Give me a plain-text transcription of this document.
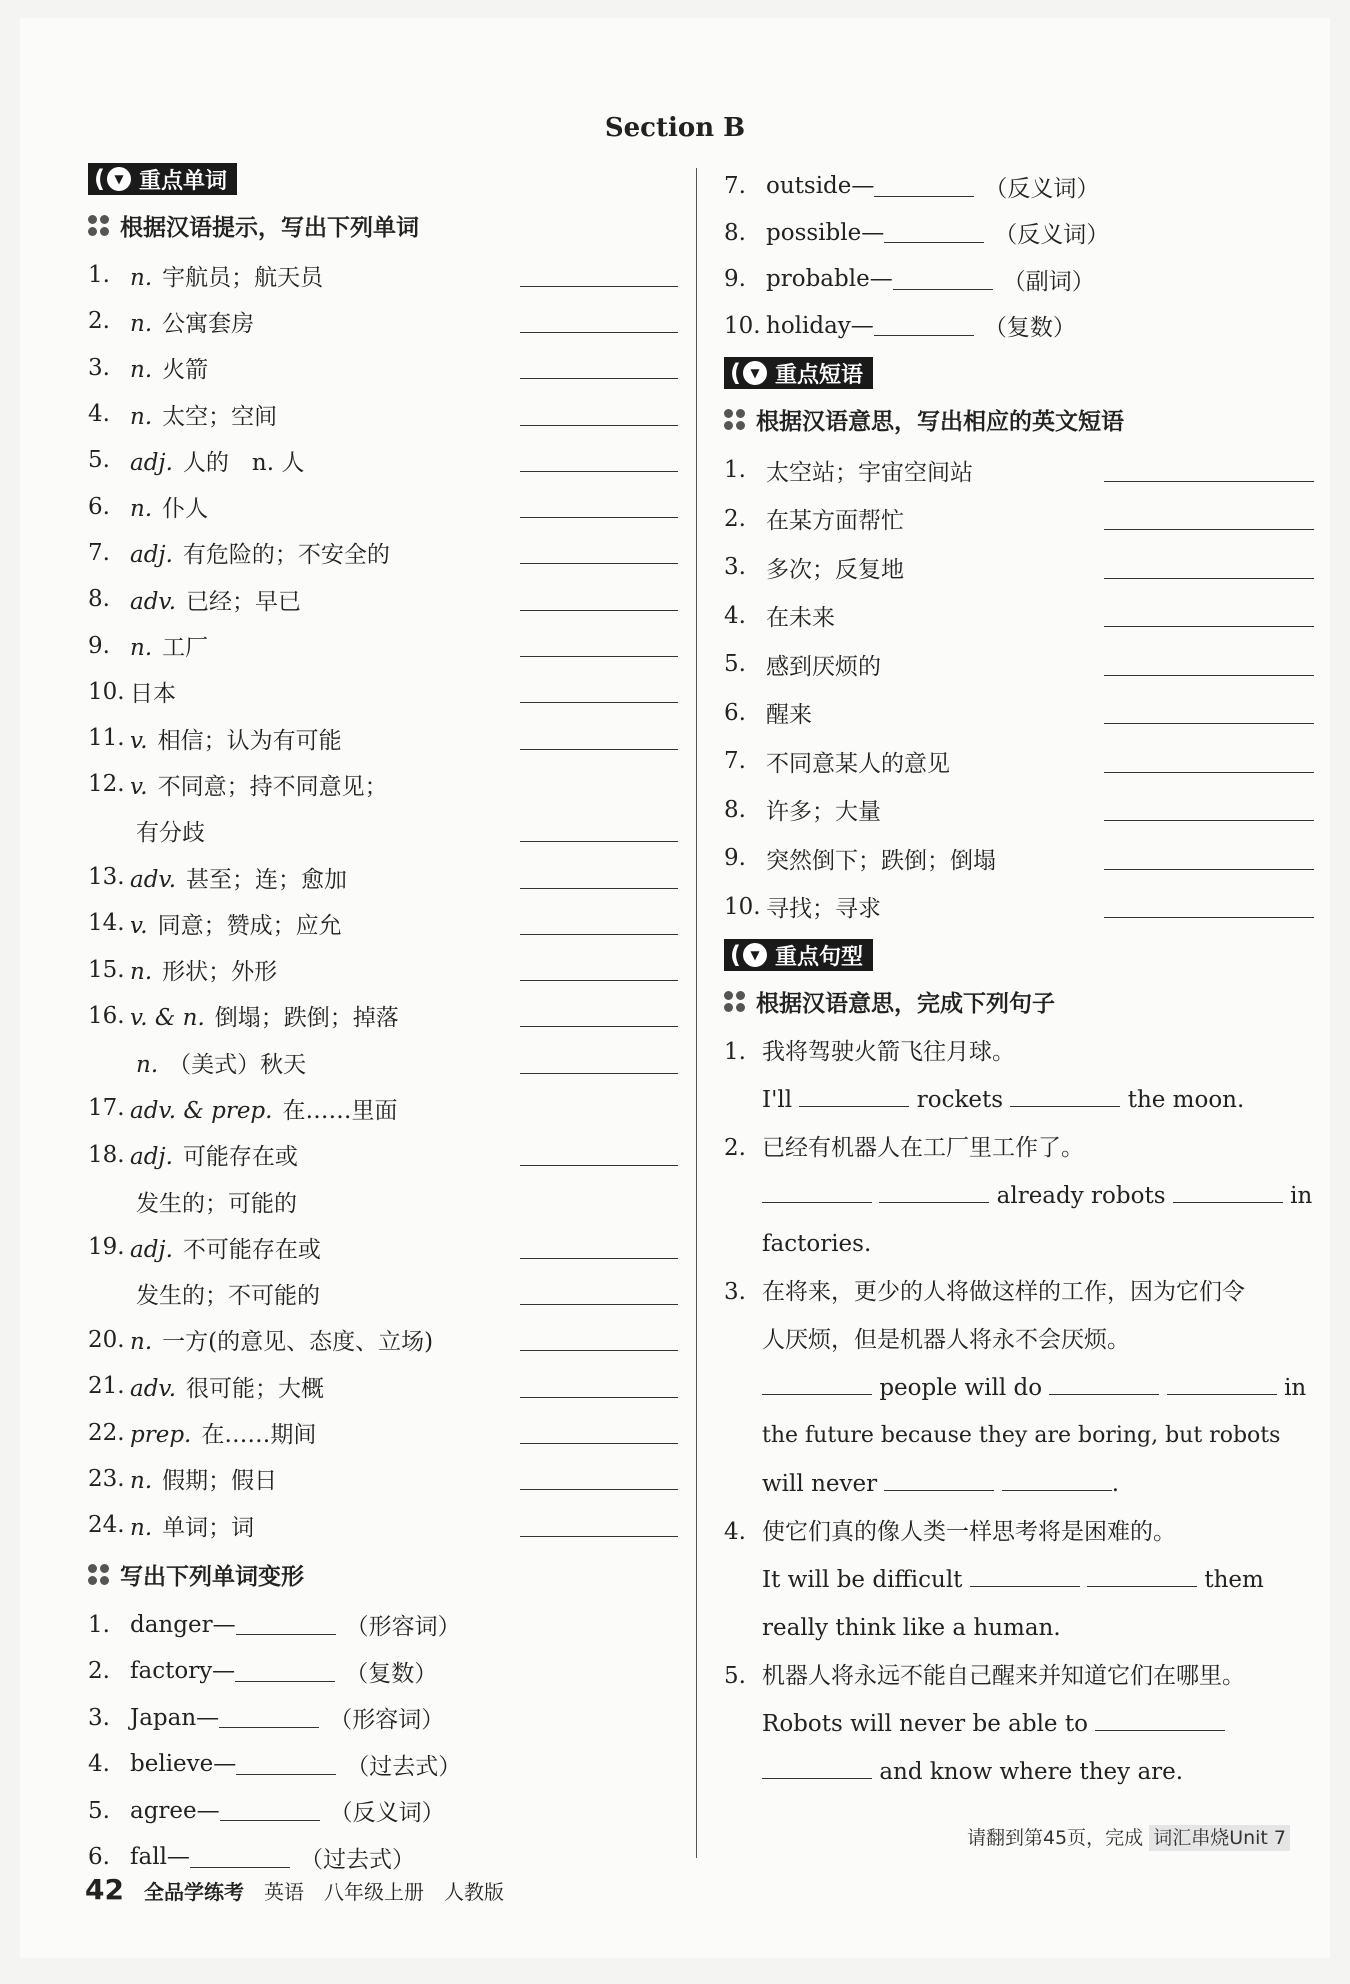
Section B
( ▼ 重点单词
根据汉语提示，写出下列单词
1. n. 宇航员；航天员
2. n. 公寓套房
3. n. 火箭
4. n. 太空；空间
5. adj. 人的　n. 人
6. n. 仆人
7. adj. 有危险的；不安全的
8. adv. 已经；早已
9. n. 工厂
10. 日本
11. v. 相信；认为有可能
12. v. 不同意；持不同意见；
有分歧
13. adv. 甚至；连；愈加
14. v. 同意；赞成；应允
15. n. 形状；外形
16. v. & n. 倒塌；跌倒；掉落
n. （美式）秋天
17. adv. & prep. 在……里面
18. adj. 可能存在或
发生的；可能的
19. adj. 不可能存在或
发生的；不可能的
20. n. 一方(的意见、态度、立场)
21. adv. 很可能；大概
22. prep. 在……期间
23. n. 假期；假日
24. n. 单词；词
写出下列单词变形
1. danger—	（形容词）
2. factory—	（复数）
3. Japan—	（形容词）
4. believe—	（过去式）
5. agree—	（反义词）
6. fall—	（过去式）
7. outside—	（反义词）
8. possible—	（反义词）
9. probable—	（副词）
10. holiday—	（复数）
( ▼ 重点短语
根据汉语意思，写出相应的英文短语
1. 太空站；宇宙空间站
2. 在某方面帮忙
3. 多次；反复地
4. 在未来
5. 感到厌烦的
6. 醒来
7. 不同意某人的意见
8. 许多；大量
9. 突然倒下；跌倒；倒塌
10. 寻找；寻求
( ▼ 重点句型
根据汉语意思，完成下列句子
1. 我将驾驶火箭飞往月球。
I'll	rockets	the moon.
2. 已经有机器人在工厂里工作了。
already robots	in
factories.
3. 在将来，更少的人将做这样的工作，因为它们令
人厌烦，但是机器人将永不会厌烦。
people will do	in
the future because they are boring, but robots
will never	.
4. 使它们真的像人类一样思考将是困难的。
It will be difficult	them
really think like a human.
5. 机器人将永远不能自己醒来并知道它们在哪里。
Robots will never be able to
and know where they are.
请翻到第45页，完成 词汇串烧Unit 7
42 全品学练考 英语 八年级上册 人教版
